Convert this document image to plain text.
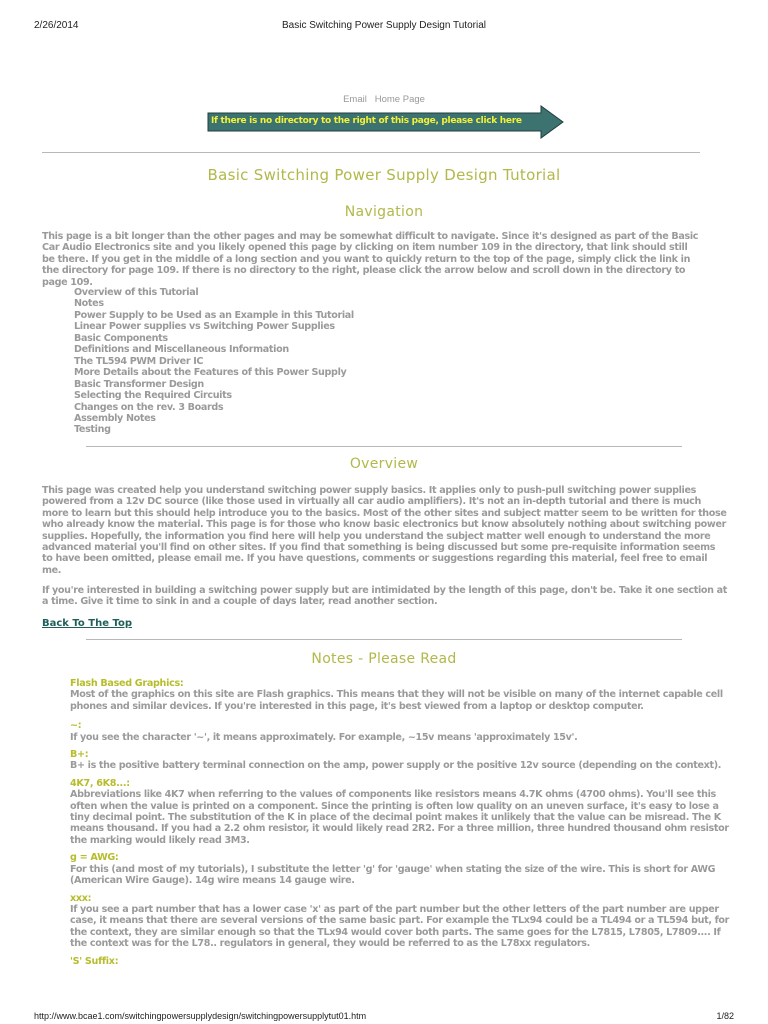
2/26/2014	Basic Switching Power Supply Design Tutorial
Email Home Page
If there is no directory to the right of this page, please click here
Basic Switching Power Supply Design Tutorial
Navigation
This page is a bit longer than the other pages and may be somewhat difficult to navigate. Since it's designed as part of the Basic Car Audio Electronics site and you likely opened this page by clicking on item number 109 in the directory, that link should still be there. If you get in the middle of a long section and you want to quickly return to the top of the page, simply click the link in the directory for page 109. If there is no directory to the right, please click the arrow below and scroll down in the directory to page 109.
Overview of this Tutorial
Notes
Power Supply to be Used as an Example in this Tutorial
Linear Power supplies vs Switching Power Supplies
Basic Components
Definitions and Miscellaneous Information
The TL594 PWM Driver IC
More Details about the Features of this Power Supply
Basic Transformer Design
Selecting the Required Circuits
Changes on the rev. 3 Boards
Assembly Notes
Testing
Overview
This page was created help you understand switching power supply basics. It applies only to push-pull switching power supplies powered from a 12v DC source (like those used in virtually all car audio amplifiers). It's not an in-depth tutorial and there is much more to learn but this should help introduce you to the basics. Most of the other sites and subject matter seem to be written for those who already know the material. This page is for those who know basic electronics but know absolutely nothing about switching power supplies. Hopefully, the information you find here will help you understand the subject matter well enough to understand the more advanced material you'll find on other sites. If you find that something is being discussed but some pre-requisite information seems to have been omitted, please email me. If you have questions, comments or suggestions regarding this material, feel free to email me.
If you're interested in building a switching power supply but are intimidated by the length of this page, don't be. Take it one section at a time. Give it time to sink in and a couple of days later, read another section.
Back To The Top
Notes - Please Read
Flash Based Graphics:

Most of the graphics on this site are Flash graphics. This means that they will not be visible on many of the internet capable cell phones and similar devices. If you're interested in this page, it's best viewed from a laptop or desktop computer.

~:

If you see the character '~', it means approximately. For example, ~15v means 'approximately 15v'.

B+:

B+ is the positive battery terminal connection on the amp, power supply or the positive 12v source (depending on the context).

4K7, 6K8...:

Abbreviations like 4K7 when referring to the values of components like resistors means 4.7K ohms (4700 ohms). You'll see this often when the value is printed on a component. Since the printing is often low quality on an uneven surface, it's easy to lose a tiny decimal point. The substitution of the K in place of the decimal point makes it unlikely that the value can be misread. The K means thousand. If you had a 2.2 ohm resistor, it would likely read 2R2. For a three million, three hundred thousand ohm resistor the marking would likely read 3M3.

g = AWG:

For this (and most of my tutorials), I substitute the letter 'g' for 'gauge' when stating the size of the wire. This is short for AWG (American Wire Gauge). 14g wire means 14 gauge wire.

xxx:

If you see a part number that has a lower case 'x' as part of the part number but the other letters of the part number are upper case, it means that there are several versions of the same basic part. For example the TLx94 could be a TL494 or a TL594 but, for the context, they are similar enough so that the TLx94 would cover both parts. The same goes for the L7815, L7805, L7809.... If the context was for the L78.. regulators in general, they would be referred to as the L78xx regulators.

'S' Suffix:
http://www.bcae1.com/switchingpowersupplydesign/switchingpowersupplytut01.htm	1/82
